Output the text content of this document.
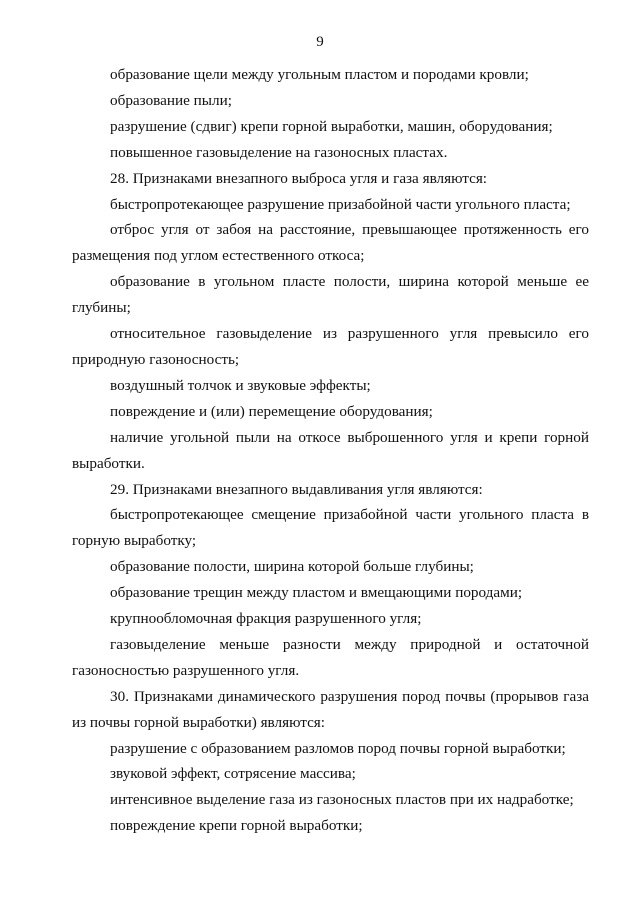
9

образование щели между угольным пластом и породами кровли;

образование пыли;

разрушение (сдвиг) крепи горной выработки, машин, оборудования;

повышенное газовыделение на газоносных пластах.

28. Признаками внезапного выброса угля и газа являются:

быстропротекающее разрушение призабойной части угольного пласта;

отброс угля от забоя на расстояние, превышающее протяженность его размещения под углом естественного откоса;

образование в угольном пласте полости, ширина которой меньше ее глубины;

относительное газовыделение из разрушенного угля превысило его природную газоносность;

воздушный толчок и звуковые эффекты;

повреждение и (или) перемещение оборудования;

наличие угольной пыли на откосе выброшенного угля и крепи горной выработки.

29. Признаками внезапного выдавливания угля являются:

быстропротекающее смещение призабойной части угольного пласта в горную выработку;

образование полости, ширина которой больше глубины;

образование трещин между пластом и вмещающими породами;

крупнообломочная фракция разрушенного угля;

газовыделение меньше разности между природной и остаточной газоносностью разрушенного угля.

30. Признаками динамического разрушения пород почвы (прорывов газа из почвы горной выработки) являются:

разрушение с образованием разломов пород почвы горной выработки;

звуковой эффект, сотрясение массива;

интенсивное выделение газа из газоносных пластов при их надработке;

повреждение крепи горной выработки;
